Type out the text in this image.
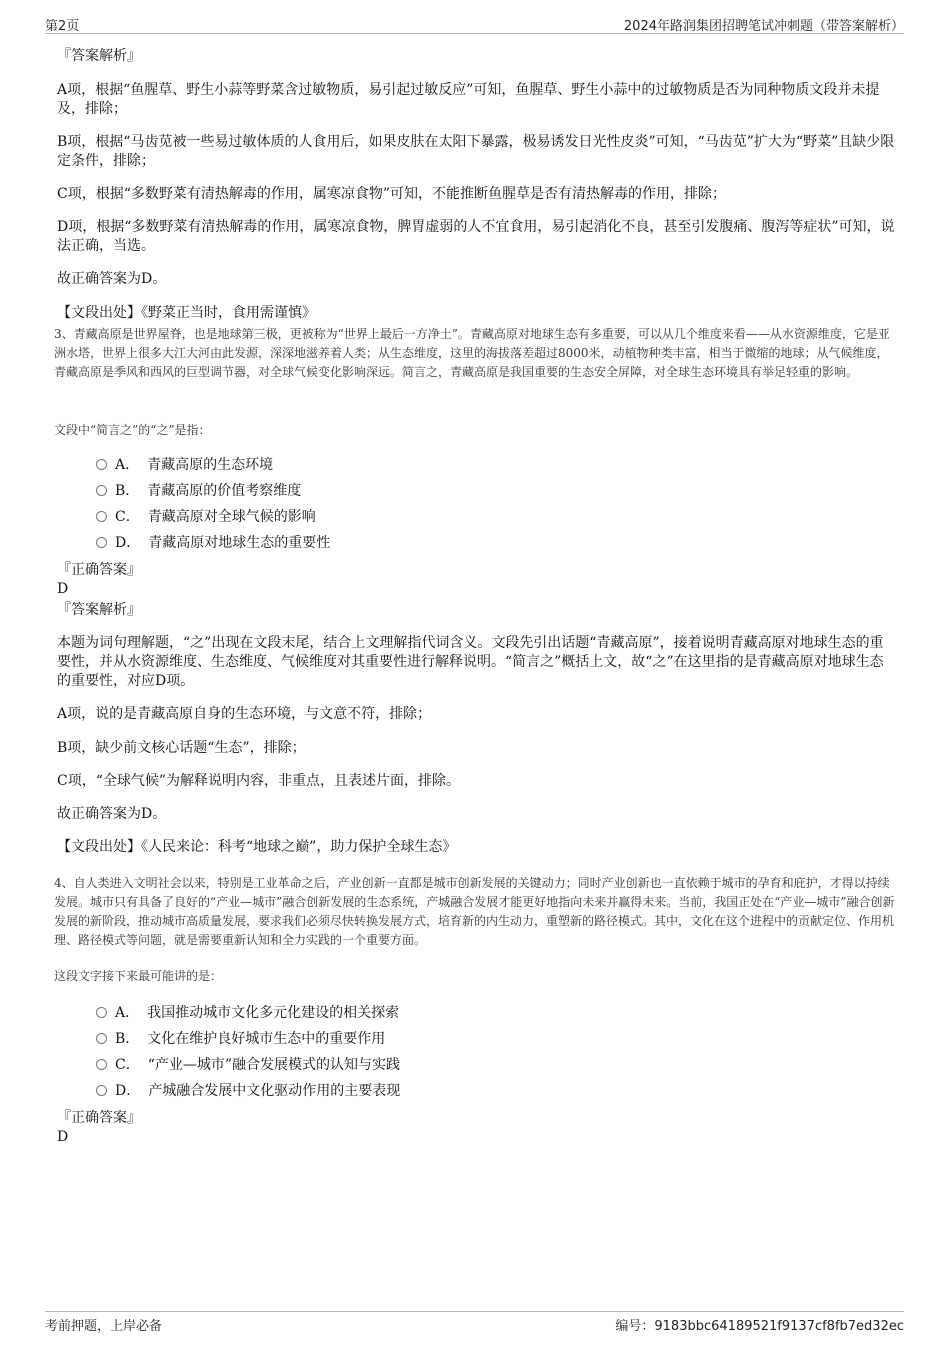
第2页	2024年路润集团招聘笔试冲刺题（带答案解析）

『答案解析』

A项，根据“鱼腥草、野生小蒜等野菜含过敏物质，易引起过敏反应”可知，鱼腥草、野生小蒜中的过敏物质是否为同种物质文段并未提及，排除；

B项，根据“马齿苋被一些易过敏体质的人食用后，如果皮肤在太阳下暴露，极易诱发日光性皮炎”可知，“马齿苋”扩大为“野菜”且缺少限定条件，排除；

C项，根据“多数野菜有清热解毒的作用，属寒凉食物”可知，不能推断鱼腥草是否有清热解毒的作用，排除；

D项，根据“多数野菜有清热解毒的作用，属寒凉食物，脾胃虚弱的人不宜食用，易引起消化不良，甚至引发腹痛、腹泻等症状”可知，说法正确，当选。

故正确答案为D。

【文段出处】《野菜正当时，食用需谨慎》

3、青藏高原是世界屋脊，也是地球第三极，更被称为“世界上最后一方净土”。青藏高原对地球生态有多重要，可以从几个维度来看——从水资源维度，它是亚洲水塔，世界上很多大江大河由此发源，深深地滋养着人类；从生态维度，这里的海拔落差超过8000米，动植物种类丰富，相当于微缩的地球；从气候维度，青藏高原是季风和西风的巨型调节器，对全球气候变化影响深远。简言之，青藏高原是我国重要的生态安全屏障，对全球生态环境具有举足轻重的影响。

文段中“简言之”的“之”是指：

A． 青藏高原的生态环境
B． 青藏高原的价值考察维度
C． 青藏高原对全球气候的影响
D． 青藏高原对地球生态的重要性

『正确答案』

D

『答案解析』

本题为词句理解题，“之”出现在文段末尾，结合上文理解指代词含义。文段先引出话题“青藏高原”，接着说明青藏高原对地球生态的重要性，并从水资源维度、生态维度、气候维度对其重要性进行解释说明。“简言之”概括上文，故“之”在这里指的是青藏高原对地球生态的重要性，对应D项。

A项，说的是青藏高原自身的生态环境，与文意不符，排除；

B项，缺少前文核心话题“生态”，排除；

C项，“全球气候”为解释说明内容，非重点，且表述片面，排除。

故正确答案为D。

【文段出处】《人民来论：科考“地球之巅”，助力保护全球生态》

4、自人类进入文明社会以来，特别是工业革命之后，产业创新一直都是城市创新发展的关键动力；同时产业创新也一直依赖于城市的孕育和庇护，才得以持续发展。城市只有具备了良好的“产业—城市”融合创新发展的生态系统，产城融合发展才能更好地指向未来并赢得未来。当前，我国正处在“产业—城市”融合创新发展的新阶段，推动城市高质量发展，要求我们必须尽快转换发展方式，培育新的内生动力，重塑新的路径模式。其中，文化在这个进程中的贡献定位、作用机理、路径模式等问题，就是需要重新认知和全力实践的一个重要方面。

这段文字接下来最可能讲的是：

A． 我国推动城市文化多元化建设的相关探索
B． 文化在维护良好城市生态中的重要作用
C． “产业—城市”融合发展模式的认知与实践
D． 产城融合发展中文化驱动作用的主要表现

『正确答案』

D

考前押题，上岸必备	编号：9183bbc64189521f9137cf8fb7ed32ec
